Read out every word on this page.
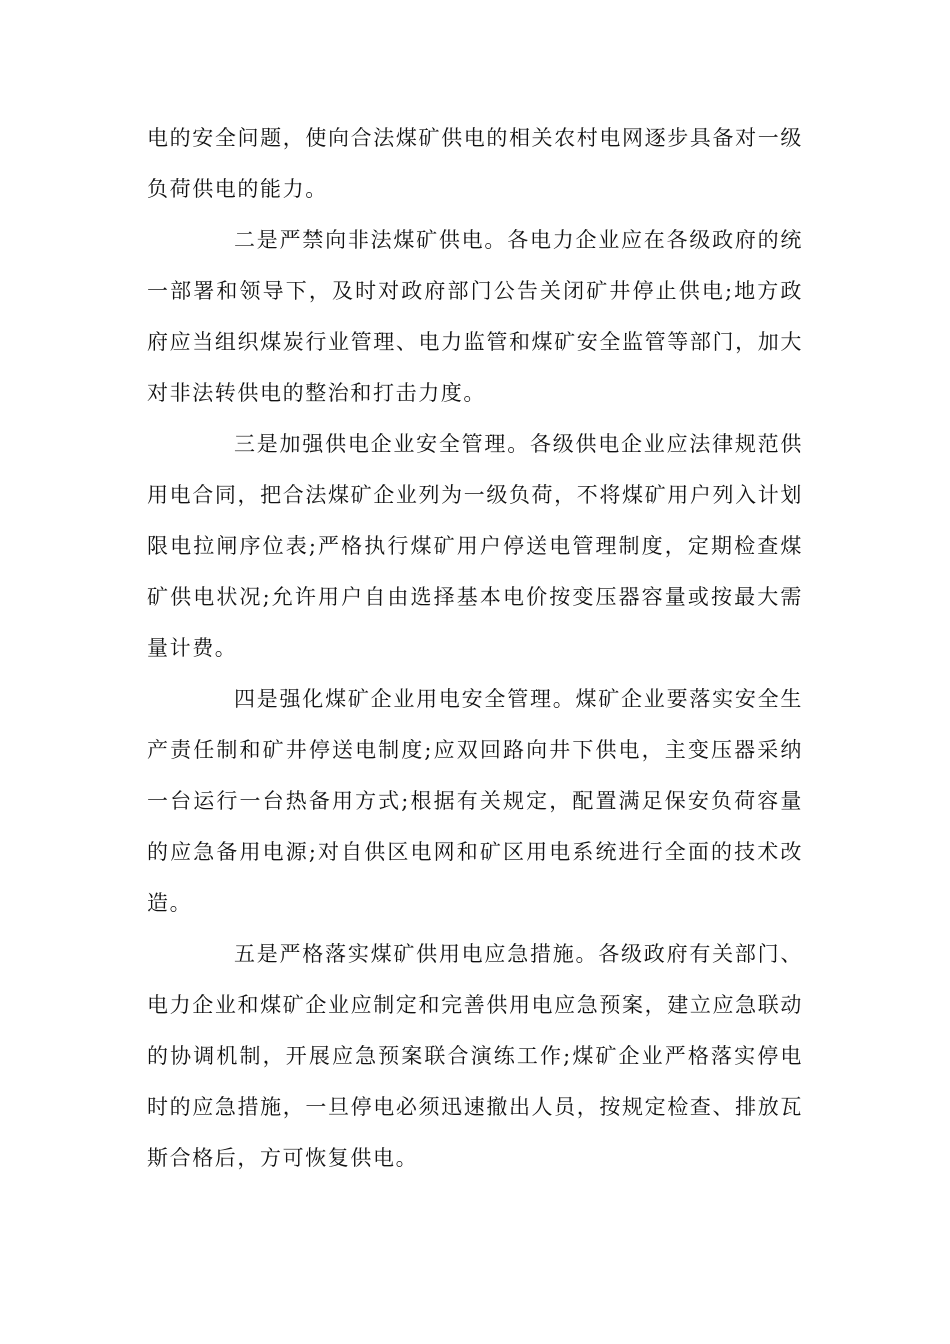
电的安全问题，使向合法煤矿供电的相关农村电网逐步具备对一级负荷供电的能力。

二是严禁向非法煤矿供电。各电力企业应在各级政府的统一部署和领导下，及时对政府部门公告关闭矿井停止供电;地方政府应当组织煤炭行业管理、电力监管和煤矿安全监管等部门，加大对非法转供电的整治和打击力度。

三是加强供电企业安全管理。各级供电企业应法律规范供用电合同，把合法煤矿企业列为一级负荷，不将煤矿用户列入计划限电拉闸序位表;严格执行煤矿用户停送电管理制度，定期检查煤矿供电状况;允许用户自由选择基本电价按变压器容量或按最大需量计费。

四是强化煤矿企业用电安全管理。煤矿企业要落实安全生产责任制和矿井停送电制度;应双回路向井下供电，主变压器采纳一台运行一台热备用方式;根据有关规定，配置满足保安负荷容量的应急备用电源;对自供区电网和矿区用电系统进行全面的技术改造。

五是严格落实煤矿供用电应急措施。各级政府有关部门、电力企业和煤矿企业应制定和完善供用电应急预案，建立应急联动的协调机制，开展应急预案联合演练工作;煤矿企业严格落实停电时的应急措施，一旦停电必须迅速撤出人员，按规定检查、排放瓦斯合格后，方可恢复供电。
